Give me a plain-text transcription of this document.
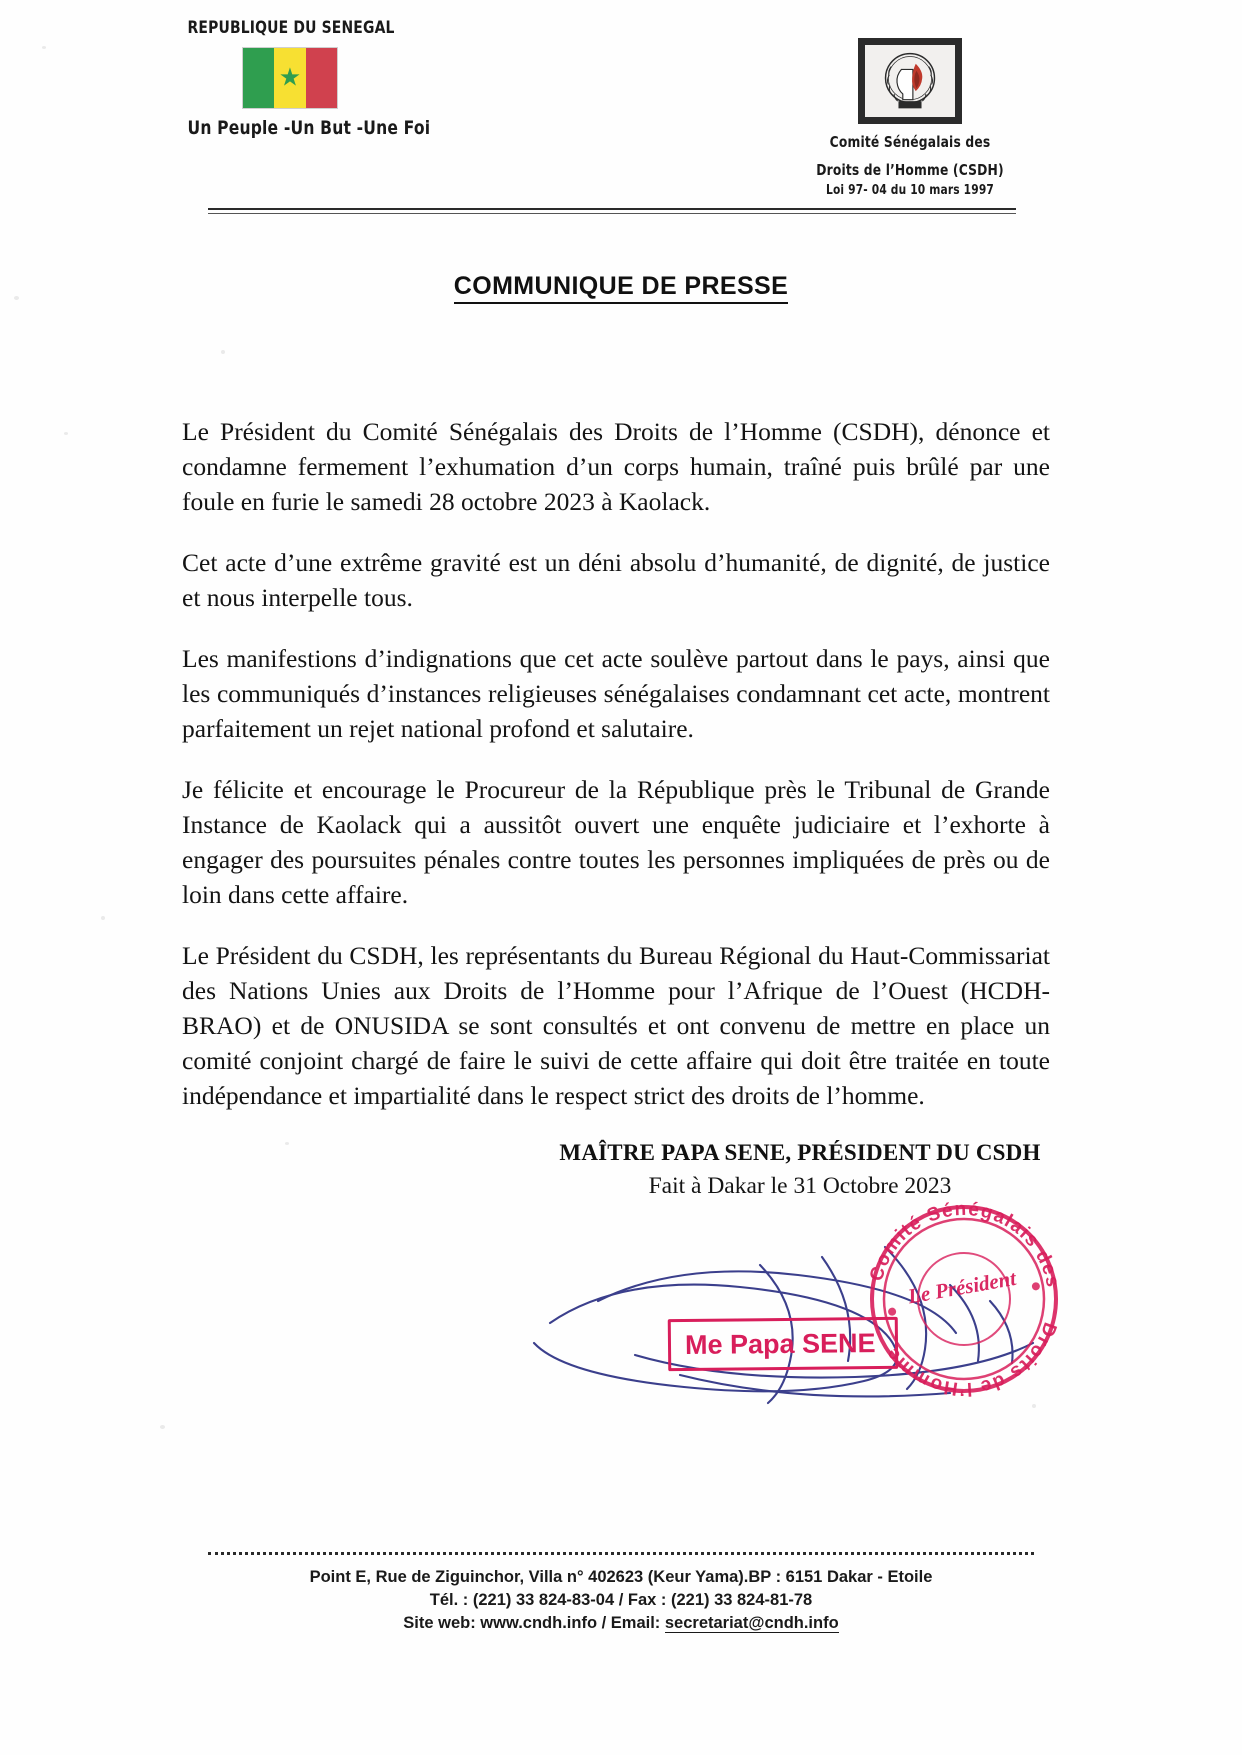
REPUBLIQUE DU SENEGAL
★
Un Peuple -Un But -Une Foi
Comité Sénégalais des
Droits de l’Homme (CSDH)
Loi 97- 04 du 10 mars 1997
COMMUNIQUE DE PRESSE

Le Président du Comité Sénégalais des Droits de l’Homme (CSDH), dénonce et condamne fermement l’exhumation d’un corps humain, traîné puis brûlé par une foule en furie le samedi 28 octobre 2023 à Kaolack.

Cet acte d’une extrême gravité est un déni absolu d’humanité, de dignité, de justice et nous interpelle tous.

Les manifestions d’indignations que cet acte soulève partout dans le pays, ainsi que les communiqués d’instances religieuses sénégalaises condamnant cet acte, montrent parfaitement un rejet national profond et salutaire.

Je félicite et encourage le Procureur de la République près le Tribunal de Grande Instance de Kaolack qui a aussitôt ouvert une enquête judiciaire et l’exhorte à engager des poursuites pénales contre toutes les personnes impliquées de près ou de loin dans cette affaire.

Le Président du CSDH, les représentants du Bureau Régional du Haut-Commissariat des Nations Unies aux Droits de l’Homme pour l’Afrique de l’Ouest (HCDH-BRAO) et de ONUSIDA se sont consultés et ont convenu de mettre en place un comité conjoint chargé de faire le suivi de cette affaire qui doit être traitée en toute indépendance et impartialité dans le respect strict des droits de l’homme.

MAÎTRE PAPA SENE, PRÉSIDENT DU CSDH
Fait à Dakar le 31 Octobre 2023
Comité Sénégalais des
Droits de l’Homme
Le Président
Me Papa SENE
Point E, Rue de Ziguinchor, Villa n° 402623 (Keur Yama).BP : 6151 Dakar - Etoile
Tél. : (221) 33 824-83-04 / Fax : (221) 33 824-81-78
Site web: www.cndh.info / Email: secretariat@cndh.info
